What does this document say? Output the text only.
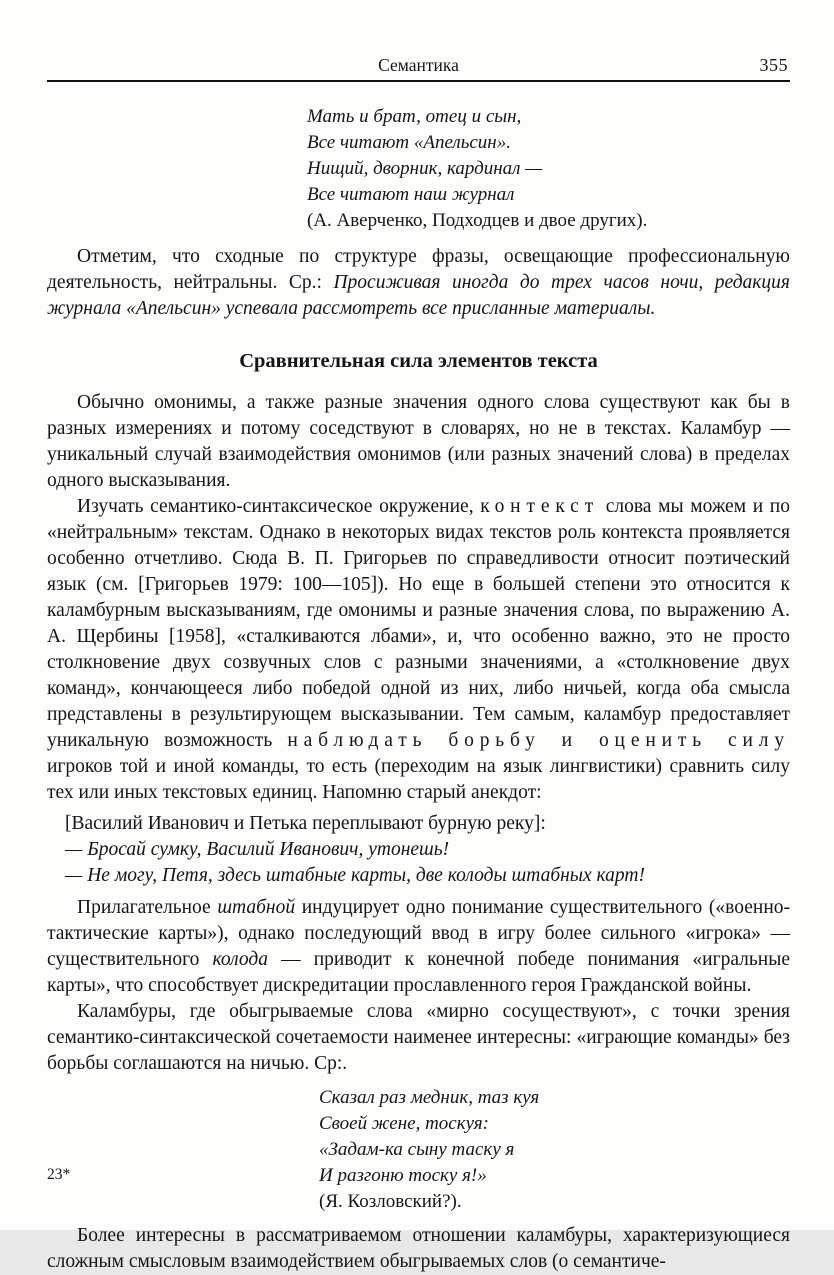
Семантика	355
Мать и брат, отец и сын,
Все читают «Апельсин».
Нищий, дворник, кардинал —
Все читают наш журнал
(А. Аверченко, Подходцев и двое других).

Отметим, что сходные по структуре фразы, освещающие профессиональную деятельность, нейтральны. Ср.: Просиживая иногда до трех часов ночи, редакция журнала «Апельсин» успевала рассмотреть все присланные материалы.

Сравнительная сила элементов текста

Обычно омонимы, а также разные значения одного слова существуют как бы в разных измерениях и потому соседствуют в словарях, но не в текстах. Каламбур — уникальный случай взаимодействия омонимов (или разных значений слова) в пределах одного высказывания.

Изучать семантико-синтаксическое окружение, контекст слова мы можем и по «нейтральным» текстам. Однако в некоторых видах текстов роль контекста проявляется особенно отчетливо. Сюда В. П. Григорьев по справедливости относит поэтический язык (см. [Григорьев 1979: 100—105]). Но еще в большей степени это относится к каламбурным высказываниям, где омонимы и разные значения слова, по выражению А. А. Щербины [1958], «сталкиваются лбами», и, что особенно важно, это не просто столкновение двух созвучных слов с разными значениями, а «столкновение двух команд», кончающееся либо победой одной из них, либо ничьей, когда оба смысла представлены в результирующем высказывании. Тем самым, каламбур предоставляет уникальную возможность наблюдать борьбу и оценить силу игроков той и иной команды, то есть (переходим на язык лингвистики) сравнить силу тех или иных текстовых единиц. Напомню старый анекдот:

[Василий Иванович и Петька переплывают бурную реку]:
— Бросай сумку, Василий Иванович, утонешь!
— Не могу, Петя, здесь штабные карты, две колоды штабных карт!

Прилагательное штабной индуцирует одно понимание существительного («военно-тактические карты»), однако последующий ввод в игру более сильного «игрока» — существительного колода — приводит к конечной победе понимания «игральные карты», что способствует дискредитации прославленного героя Гражданской войны.

Каламбуры, где обыгрываемые слова «мирно сосуществуют», с точки зрения семантико-синтаксической сочетаемости наименее интересны: «играющие команды» без борьбы соглашаются на ничью. Ср:.

Сказал раз медник, таз куя
Своей жене, тоскуя:
«Задам-ка сыну таску я
И разгоню тоску я!»
(Я. Козловский?).

Более интересны в рассматриваемом отношении каламбуры, характеризующиеся сложным смысловым взаимодействием обыгрываемых слов (о семантиче-

23*
